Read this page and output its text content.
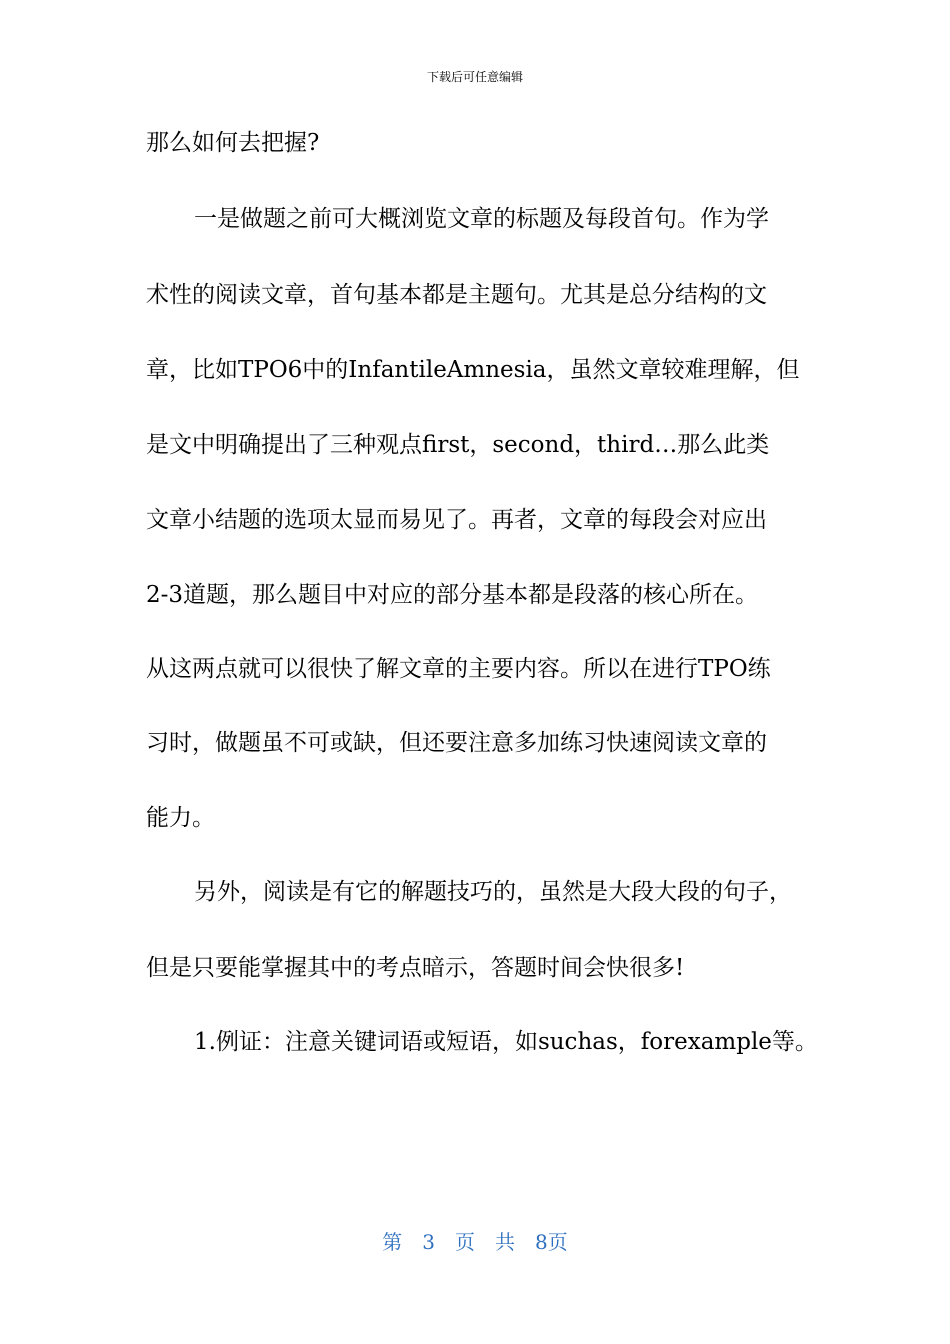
下载后可任意编辑
那么如何去把握?
一是做题之前可大概浏览文章的标题及每段首句。作为学
术性的阅读文章，首句基本都是主题句。尤其是总分结构的文
章，比如TPO6中的InfantileAmnesia，虽然文章较难理解，但
是文中明确提出了三种观点first，second，third…那么此类
文章小结题的选项太显而易见了。再者，文章的每段会对应出
2-3道题，那么题目中对应的部分基本都是段落的核心所在。
从这两点就可以很快了解文章的主要内容。所以在进行TPO练
习时，做题虽不可或缺，但还要注意多加练习快速阅读文章的
能力。
另外，阅读是有它的解题技巧的，虽然是大段大段的句子，
但是只要能掌握其中的考点暗示，答题时间会快很多!
1.例证：注意关键词语或短语，如suchas，forexample等。
第　3　页　共　8页
